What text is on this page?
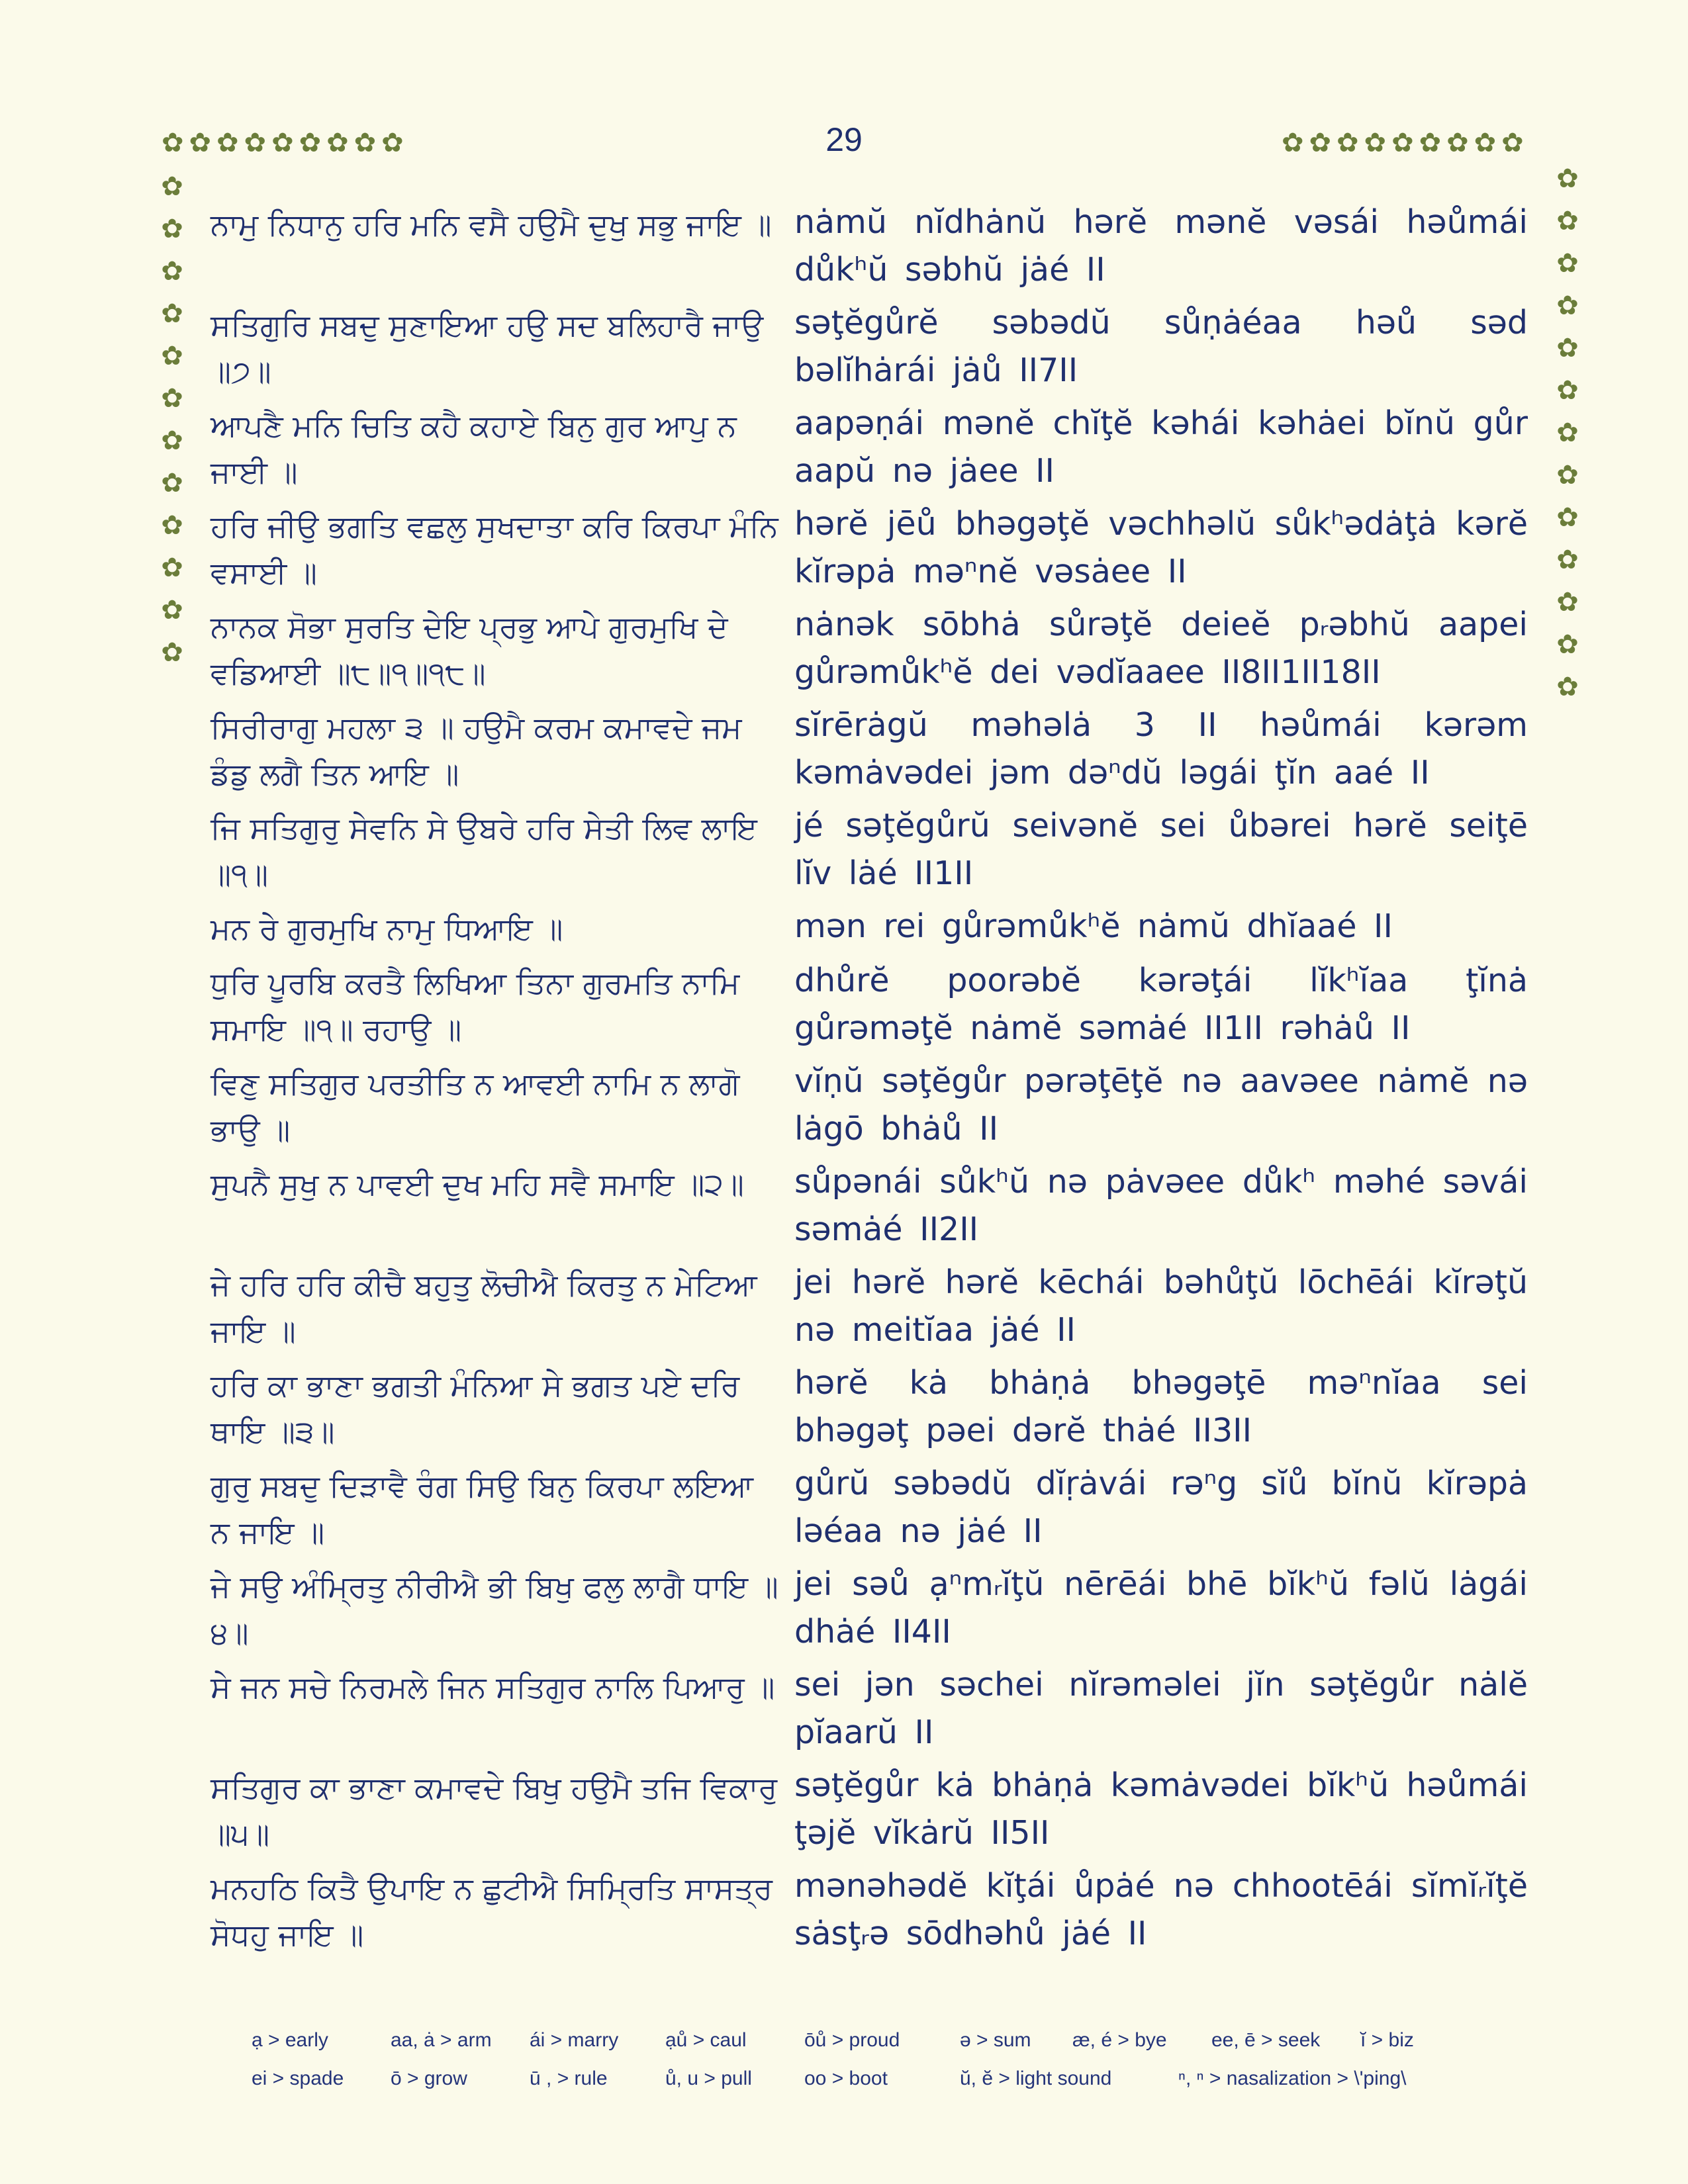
✿✿✿✿✿✿✿✿✿	✿✿✿✿✿✿✿✿✿
✿
✿
✿
✿
✿
✿
✿
✿
✿
✿
✿
✿
✿
✿
✿
✿
✿
✿
✿
✿
✿
✿
✿
✿
✿
29
ਨਾਮੁ ਨਿਧਾਨੁ ਹਰਿ ਮਨਿ ਵਸੈ ਹਉਮੈ ਦੁਖੁ ਸਭੁ ਜਾਇ ॥ nȧmŭ nĭdhȧnŭ hərĕ mənĕ vəsái həůmái důkʰŭ səbhŭ jȧé II
ਸਤਿਗੁਰਿ ਸਬਦੁ ਸੁਣਾਇਆ ਹਉ ਸਦ ਬਲਿਹਾਰੈ ਜਾਉ ॥੭॥
səţĕgůrĕ səbədŭ sůṇȧéaa həů səd bəlĭhȧrái jȧů II7II
ਆਪਣੈ ਮਨਿ ਚਿਤਿ ਕਹੈ ਕਹਾਏ ਬਿਨੁ ਗੁਰ ਆਪੁ ਨ ਜਾਈ ॥
aapəṇái mənĕ chĭţĕ kəhái kəhȧei bĭnŭ gůr aapŭ nə jȧee II
ਹਰਿ ਜੀਉ ਭਗਤਿ ਵਛਲੁ ਸੁਖਦਾਤਾ ਕਰਿ ਕਿਰਪਾ ਮੰਨਿ ਵਸਾਈ ॥
hərĕ jēů bhəgəţĕ vəchhəlŭ sůkʰədȧţȧ kərĕ kĭrəpȧ məⁿnĕ vəsȧee II
ਨਾਨਕ ਸੋਭਾ ਸੁਰਤਿ ਦੇਇ ਪ੍ਰਭੁ ਆਪੇ ਗੁਰਮੁਖਿ ਦੇ ਵਡਿਆਈ ॥੮॥੧॥੧੮॥
nȧnək sōbhȧ sůrəţĕ deieĕ pᵣəbhŭ aapei gůrəmůkʰĕ dei vədĭaaee II8II1II18II
ਸਿਰੀਰਾਗੁ ਮਹਲਾ ੩ ॥ ਹਉਮੈ ਕਰਮ ਕਮਾਵਦੇ ਜਮ ਡੰਡੁ ਲਗੈ ਤਿਨ ਆਇ ॥
sĭrērȧgŭ məhəlȧ 3 II həůmái kərəm kəmȧvədei jəm dəⁿdŭ ləgái ţĭn aaé II
ਜਿ ਸਤਿਗੁਰੁ ਸੇਵਨਿ ਸੇ ਉਬਰੇ ਹਰਿ ਸੇਤੀ ਲਿਵ ਲਾਇ ॥੧॥
jé səţĕgůrŭ seivənĕ sei ůbərei hərĕ seiţē lĭv lȧé II1II
ਮਨ ਰੇ ਗੁਰਮੁਖਿ ਨਾਮੁ ਧਿਆਇ ॥	mən rei gůrəmůkʰĕ nȧmŭ dhĭaaé II
ਧੁਰਿ ਪੂਰਬਿ ਕਰਤੈ ਲਿਖਿਆ ਤਿਨਾ ਗੁਰਮਤਿ ਨਾਮਿ ਸਮਾਇ ॥੧॥ ਰਹਾਉ ॥
dhůrĕ poorəbĕ kərəţái lĭkʰĭaa ţĭnȧ gůrəməţĕ nȧmĕ səmȧé II1II rəhȧů II
ਵਿਣੁ ਸਤਿਗੁਰ ਪਰਤੀਤਿ ਨ ਆਵਈ ਨਾਮਿ ਨ ਲਾਗੋ ਭਾਉ ॥
vĭṇŭ səţĕgůr pərəţēţĕ nə aavəee nȧmĕ nə lȧgō bhȧů II
ਸੁਪਨੈ ਸੁਖੁ ਨ ਪਾਵਈ ਦੁਖ ਮਹਿ ਸਵੈ ਸਮਾਇ ॥੨॥	sůpənái sůkʰŭ nə pȧvəee důkʰ məhé səvái səmȧé II2II
ਜੇ ਹਰਿ ਹਰਿ ਕੀਚੈ ਬਹੁਤੁ ਲੋਚੀਐ ਕਿਰਤੁ ਨ ਮੇਟਿਆ ਜਾਇ ॥
jei hərĕ hərĕ kēchái bəhůţŭ lōchēái kĭrəţŭ nə meitĭaa jȧé II
ਹਰਿ ਕਾ ਭਾਣਾ ਭਗਤੀ ਮੰਨਿਆ ਸੇ ਭਗਤ ਪਏ ਦਰਿ ਥਾਇ ॥੩॥
hərĕ kȧ bhȧṇȧ bhəgəţē məⁿnĭaa sei bhəgəţ pəei dərĕ thȧé II3II
ਗੁਰੁ ਸਬਦੁ ਦਿੜਾਵੈ ਰੰਗ ਸਿਉ ਬਿਨੁ ਕਿਰਪਾ ਲਇਆ ਨ ਜਾਇ ॥
gůrŭ səbədŭ dĭṛȧvái rəⁿg sĭů bĭnŭ kĭrəpȧ ləéaa nə jȧé II
ਜੇ ਸਉ ਅੰਮ੍ਰਿਤੁ ਨੀਰੀਐ ਭੀ ਬਿਖੁ ਫਲੁ ਲਾਗੈ ਧਾਇ ॥੪॥
jei səů ạⁿmᵣĭţŭ nērēái bhē bĭkʰŭ fəlŭ lȧgái dhȧé II4II
ਸੇ ਜਨ ਸਚੇ ਨਿਰਮਲੇ ਜਿਨ ਸਤਿਗੁਰ ਨਾਲਿ ਪਿਆਰੁ ॥ sei jən səchei nĭrəməlei jĭn səţĕgůr nȧlĕ pĭaarŭ II
ਸਤਿਗੁਰ ਕਾ ਭਾਣਾ ਕਮਾਵਦੇ ਬਿਖੁ ਹਉਮੈ ਤਜਿ ਵਿਕਾਰੁ ॥੫॥
səţĕgůr kȧ bhȧṇȧ kəmȧvədei bĭkʰŭ həůmái ţəjĕ vĭkȧrŭ II5II
ਮਨਹਠਿ ਕਿਤੈ ਉਪਾਇ ਨ ਛੁਟੀਐ ਸਿਮ੍ਰਿਤਿ ਸਾਸਤ੍ਰ ਸੋਧਹੁ ਜਾਇ ॥
mənəhədĕ kĭţái ůpȧé nə chhootēái sĭmĭᵣĭţĕ sȧsţᵣə sōdhəhů jȧé II
ạ > early	aa, ȧ > arm	ái > marry	ạů > caul	ōů > proud	ə > sum	æ, é > bye	ee, ē > seek	ĭ > biz
ei > spade	ō > grow	ū , > rule	ů, u > pull	oo > boot	ŭ, ĕ > light sound	ⁿ, ⁿ > nasalization > \'ping\
